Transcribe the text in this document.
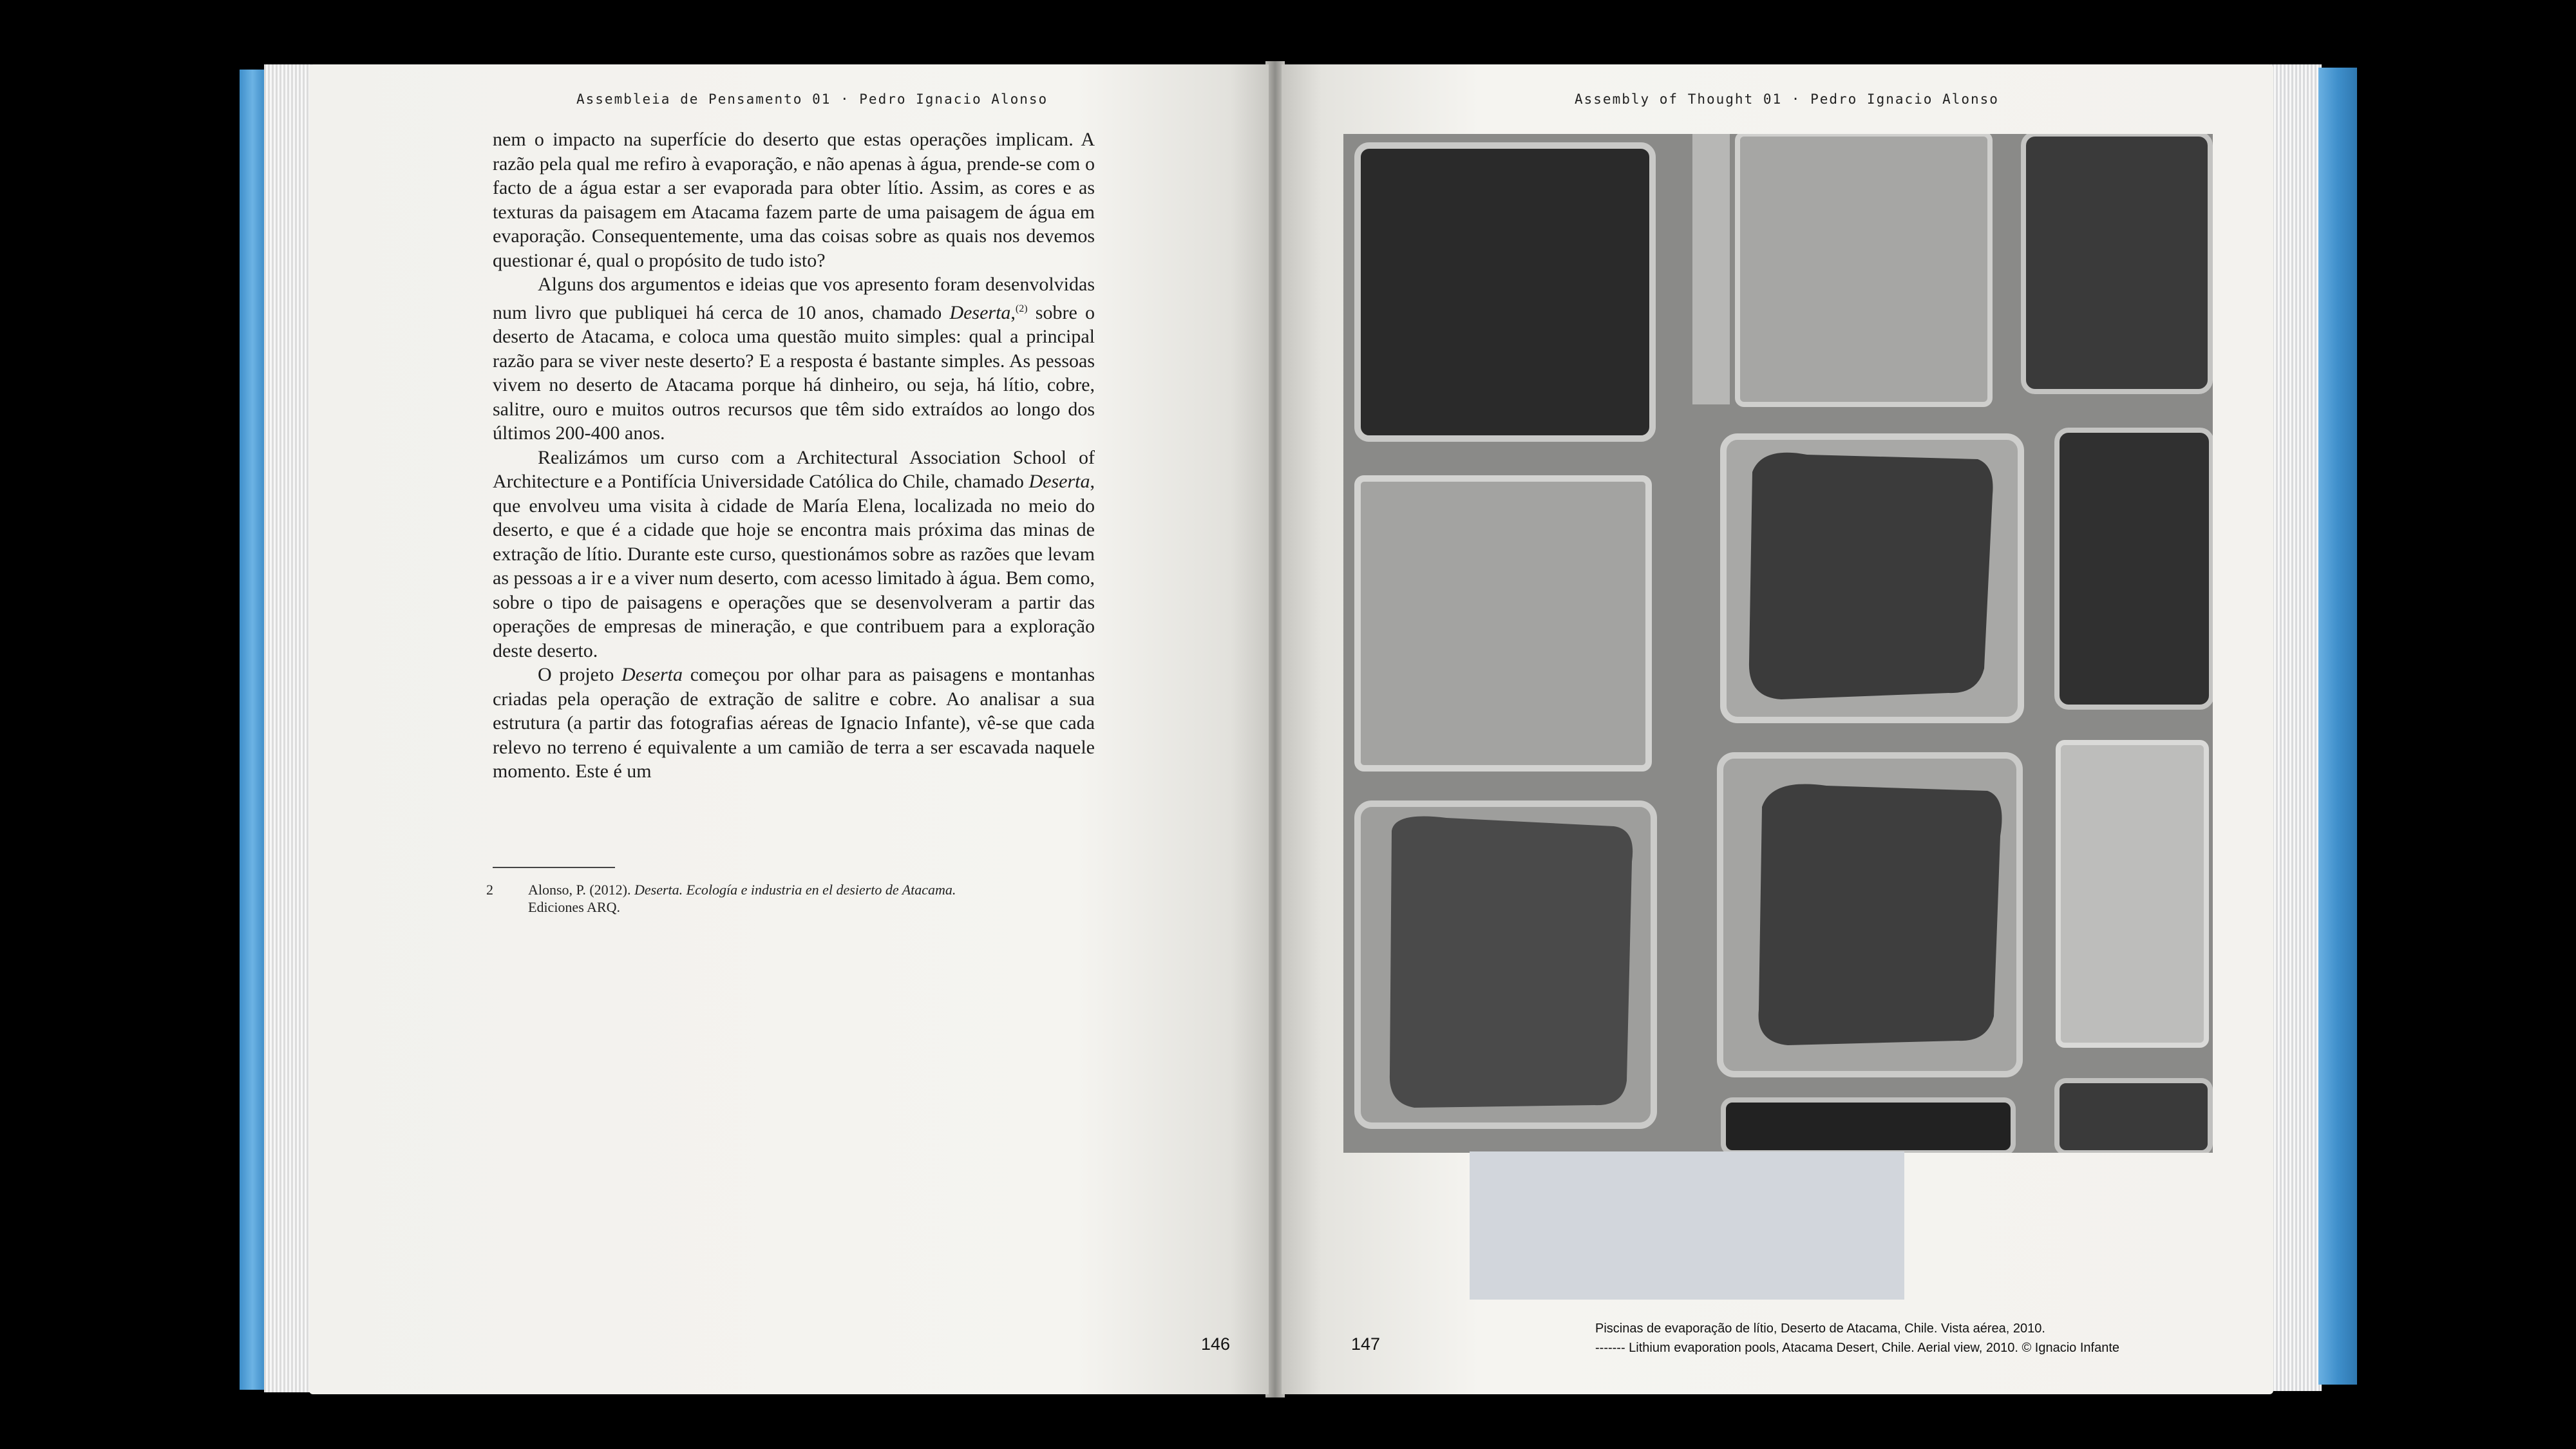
Assembleia de Pensamento 01 · Pedro Ignacio Alonso

nem o impacto na superfície do deserto que estas operações implicam. A razão pela qual me refiro à evaporação, e não apenas à água, prende-se com o facto de a água estar a ser evaporada para obter lítio. Assim, as cores e as texturas da paisagem em Atacama fazem parte de uma paisagem de água em evaporação. Consequentemente, uma das coisas sobre as quais nos devemos questionar é, qual o propósito de tudo isto?

Alguns dos argumentos e ideias que vos apresento foram desenvolvidas num livro que publiquei há cerca de 10 anos, chamado Deserta,$^{(2)}$ sobre o deserto de Atacama, e coloca uma questão muito simples: qual a principal razão para se viver neste deserto? E a resposta é bastante simples. As pessoas vivem no deserto de Atacama porque há dinheiro, ou seja, há lítio, cobre, salitre, ouro e muitos outros recursos que têm sido extraídos ao longo dos últimos 200-400 anos.

Realizámos um curso com a Architectural Association School of Architecture e a Pontifícia Universidade Católica do Chile, chamado Deserta, que envolveu uma visita à cidade de María Elena, localizada no meio do deserto, e que é a cidade que hoje se encontra mais próxima das minas de extração de lítio. Durante este curso, questionámos sobre as razões que levam as pessoas a ir e a viver num deserto, com acesso limitado à água. Bem como, sobre o tipo de paisagens e operações que se desenvolveram a partir das operações de empresas de mineração, e que contribuem para a exploração deste deserto.

O projeto Deserta começou por olhar para as paisagens e montanhas criadas pela operação de extração de salitre e cobre. Ao analisar a sua estrutura (a partir das fotografias aéreas de Ignacio Infante), vê-se que cada relevo no terreno é equivalente a um camião de terra a ser escavada naquele momento. Este é um

2 Alonso, P. (2012). Deserta. Ecología e industria en el desierto de Atacama.
Ediciones ARQ.
146
Assembly of Thought 01 · Pedro Ignacio Alonso
147
Piscinas de evaporação de lítio, Deserto de Atacama, Chile. Vista aérea, 2010.
------- Lithium evaporation pools, Atacama Desert, Chile. Aerial view, 2010. © Ignacio Infante
